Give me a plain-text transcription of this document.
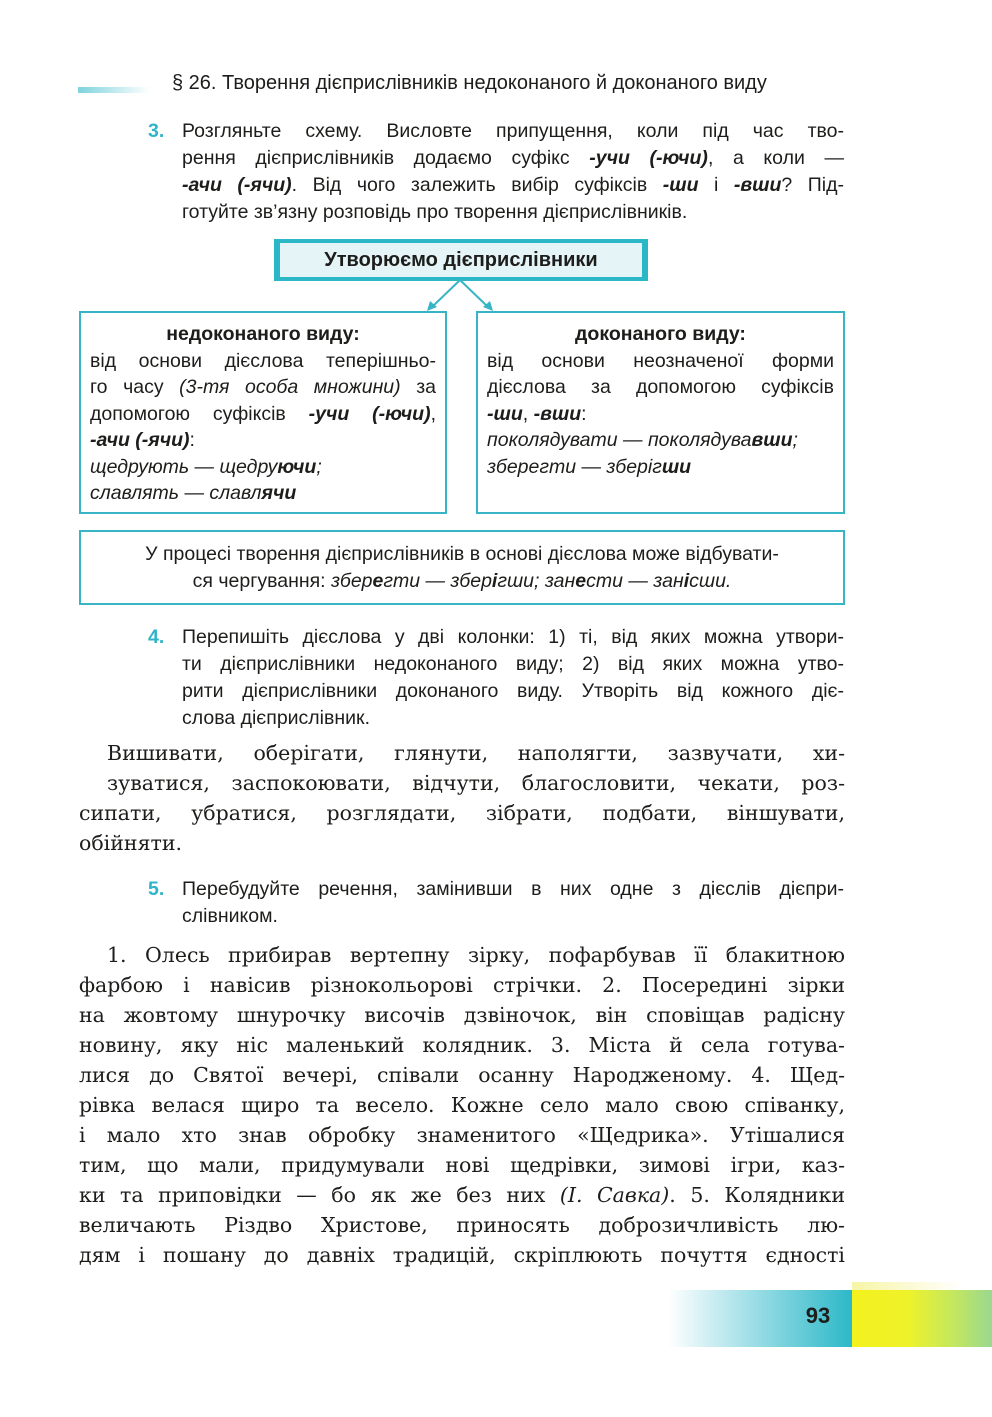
§ 26. Творення дієприслівників недоконаного й доконаного виду
3. Розгляньте схему. Висловте припущення, коли під час тво-
рення дієприслівників додаємо суфікс -учи (-ючи), а коли —
-ачи (-ячи). Від чого залежить вибір суфіксів -ши і -вши? Під-
готуйте зв’язну розповідь про творення дієприслівників.
Утворюємо дієприслівники
недоконаного виду:
від основи дієслова теперішньо-
го часу (3-тя особа множини) за
допомогою суфіксів -учи (-ючи),
-ачи (-ячи):
щедрують — щедруючи;
славлять — славлячи
доконаного виду:
від основи неозначеної форми
дієслова за допомогою суфіксів
-ши, -вши:
поколядувати — поколядувавши;
зберегти — зберігши
У процесі творення дієприслівників в основі дієслова може відбувати-
ся чергування: зберегти — зберігши; занести — занісши.
4. Перепишіть дієслова у дві колонки: 1) ті, від яких можна утвори-
ти дієприслівники недоконаного виду; 2) від яких можна утво-
рити дієприслівники доконаного виду. Утворіть від кожного діє-
слова дієприслівник.
Вишивати, оберігати, глянути, наполягти, зазвучати, хи-
зуватися, заспокоювати, відчути, благословити, чекати, роз-
сипати, убратися, розглядати, зібрати, подбати, віншувати,
обійняти.
5. Перебудуйте речення, замінивши в них одне з дієслів дієпри-
слівником.
1. Олесь прибирав вертепну зірку, пофарбував її блакитною
фарбою і навісив різнокольорові стрічки. 2. Посередині зірки
на жовтому шнурочку височів дзвіночок, він сповіщав радісну
новину, яку ніс маленький колядник. 3. Міста й села готува-
лися до Святої вечері, співали осанну Народженому. 4. Щед-
рівка велася щиро та весело. Кожне село мало свою співанку,
і мало хто знав обробку знаменитого «Щедрика». Утішалися
тим, що мали, придумували нові щедрівки, зимові ігри, каз-
ки та приповідки — бо як же без них (І. Савка). 5. Колядники
величають Різдво Христове, приносять доброзичливість лю-
дям і пошану до давніх традицій, скріплюють почуття єдності
93
